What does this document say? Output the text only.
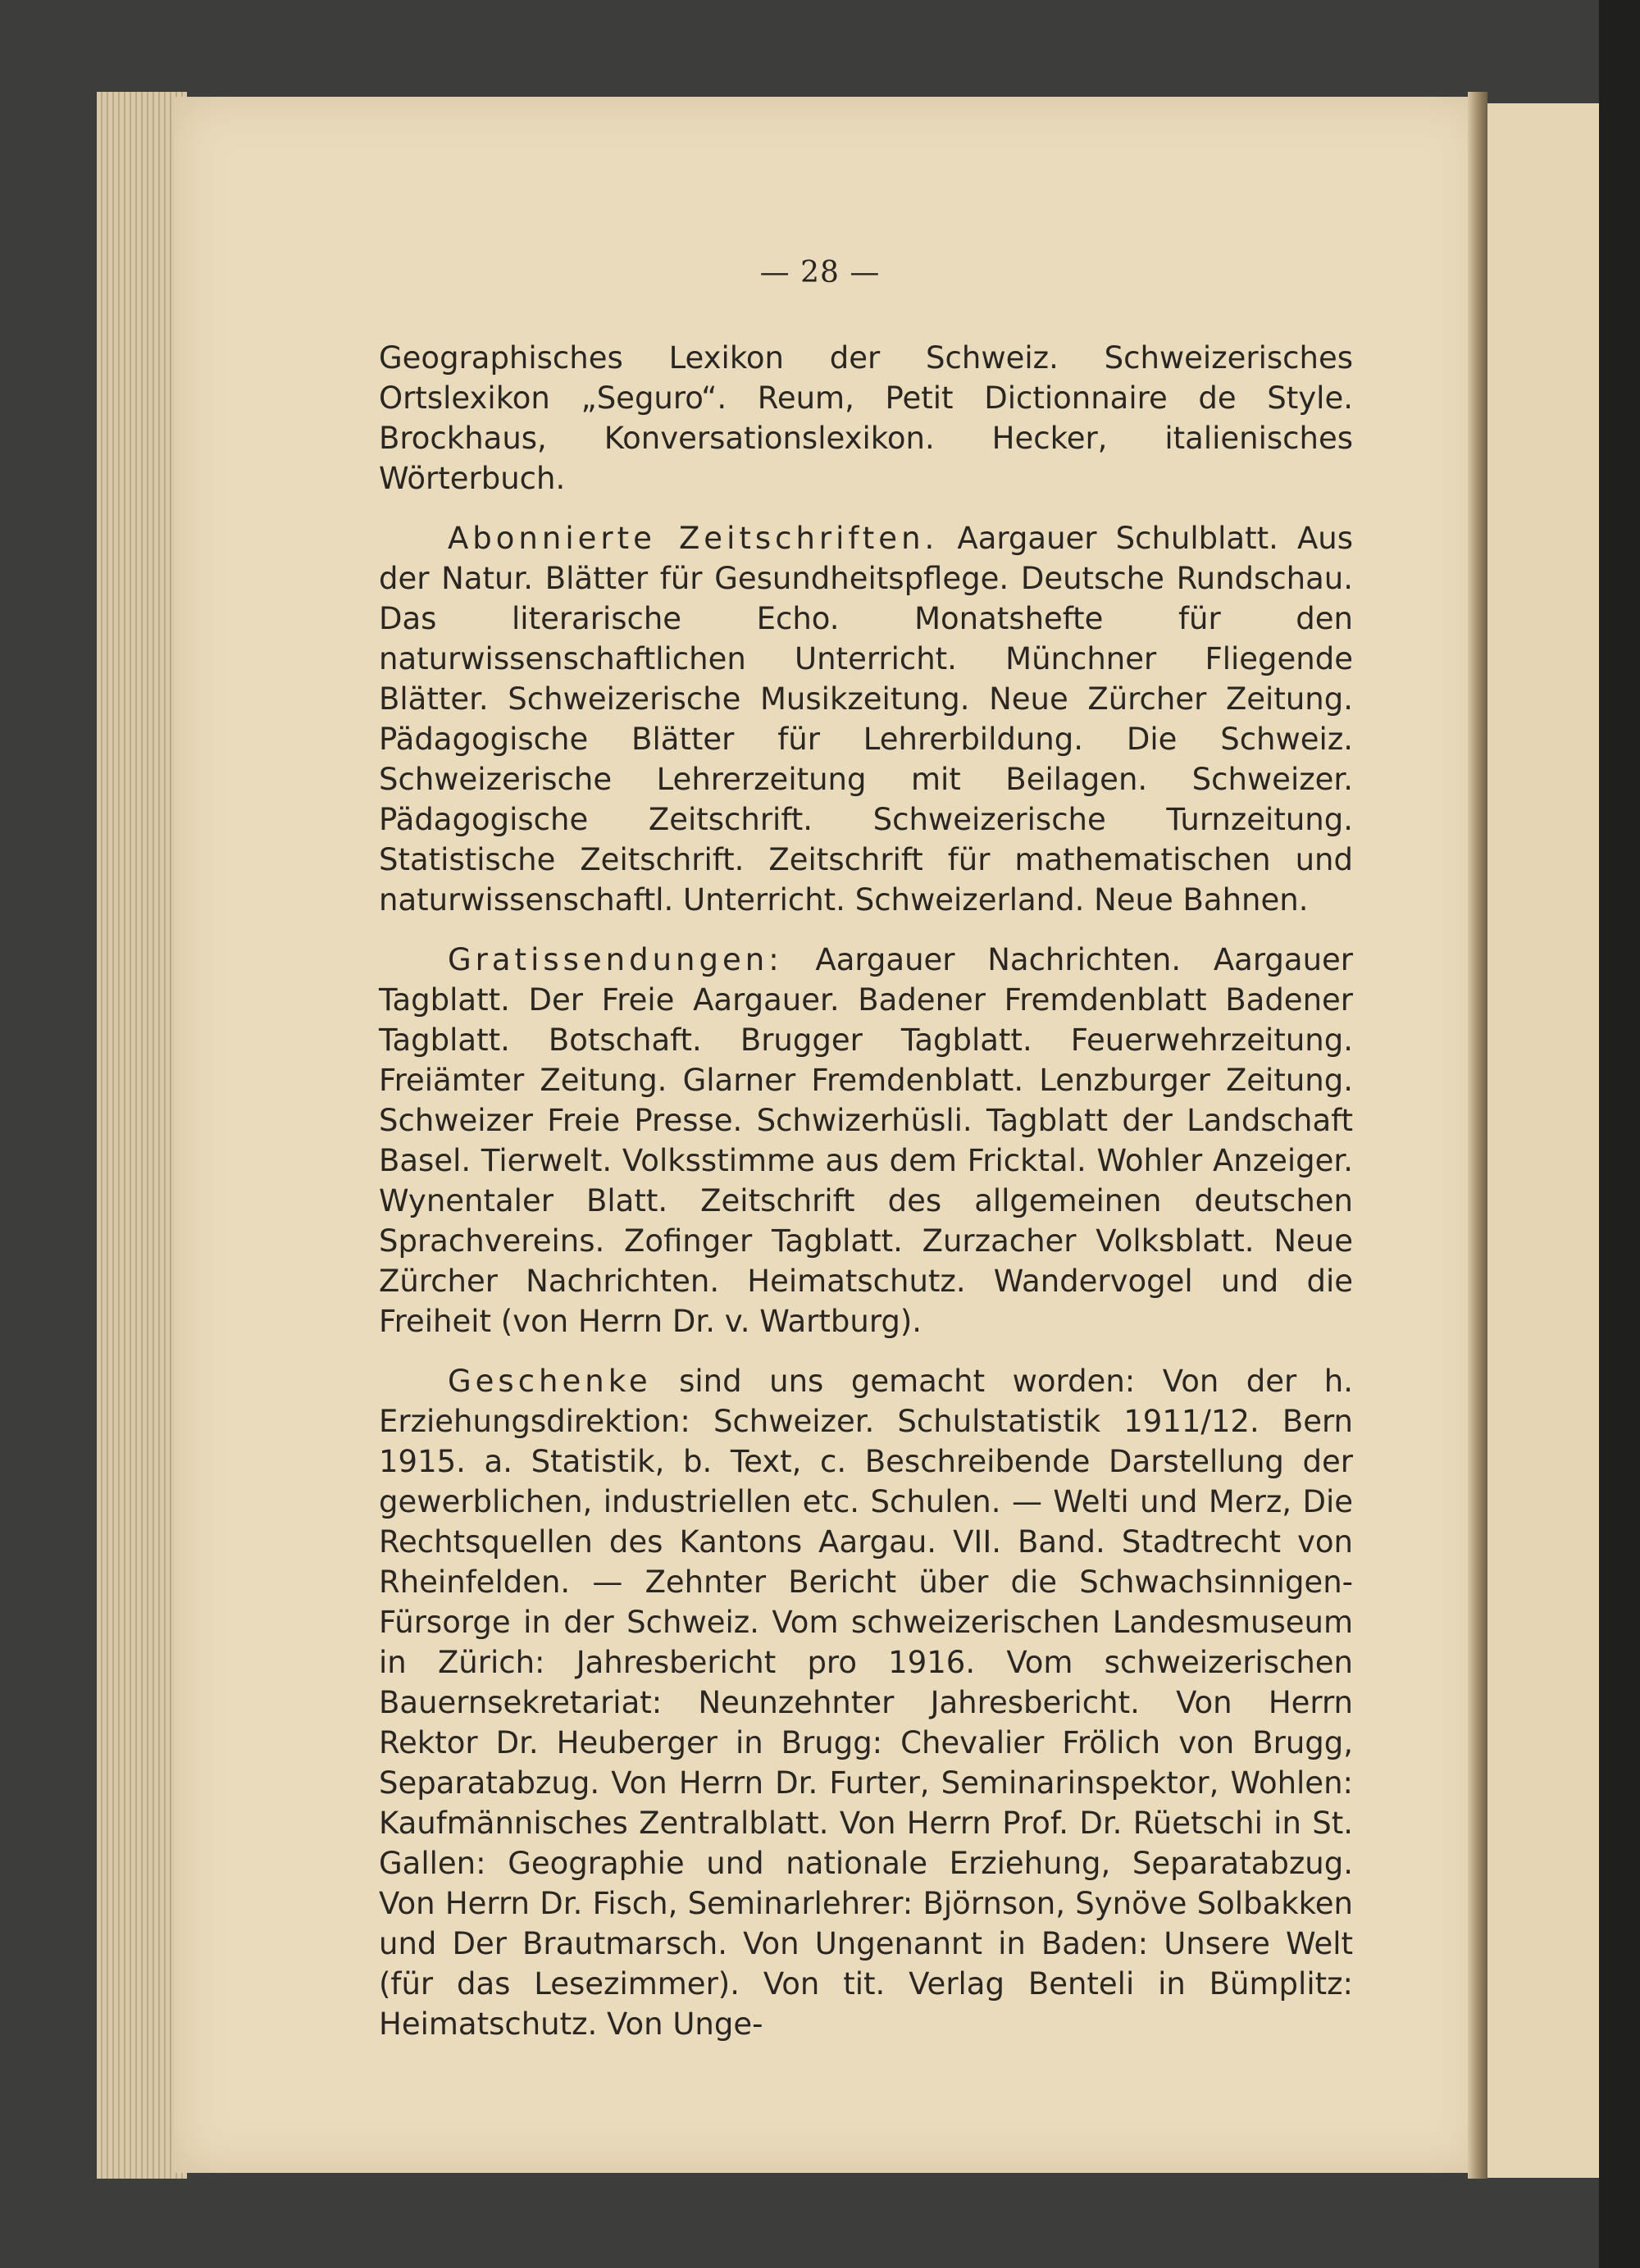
— 28 —

Geographisches Lexikon der Schweiz. Schweizerisches Ortslexikon „Seguro“. Reum, Petit Dictionnaire de Style. Brockhaus, Konversationslexikon. Hecker, italienisches Wörterbuch.

Abonnierte Zeitschriften. Aargauer Schulblatt. Aus der Natur. Blätter für Gesundheitspflege. Deutsche Rundschau. Das literarische Echo. Monatshefte für den naturwissenschaftlichen Unterricht. Münchner Fliegende Blätter. Schweizerische Musikzeitung. Neue Zürcher Zeitung. Pädagogische Blätter für Lehrerbildung. Die Schweiz. Schweizerische Lehrerzeitung mit Beilagen. Schweizer. Pädagogische Zeitschrift. Schweizerische Turnzeitung. Statistische Zeitschrift. Zeitschrift für mathematischen und naturwissenschaftl. Unterricht. Schweizerland. Neue Bahnen.

Gratissendungen: Aargauer Nachrichten. Aargauer Tagblatt. Der Freie Aargauer. Badener Fremdenblatt Badener Tagblatt. Botschaft. Brugger Tagblatt. Feuerwehrzeitung. Freiämter Zeitung. Glarner Fremdenblatt. Lenzburger Zeitung. Schweizer Freie Presse. Schwizerhüsli. Tagblatt der Landschaft Basel. Tierwelt. Volksstimme aus dem Fricktal. Wohler Anzeiger. Wynentaler Blatt. Zeitschrift des allgemeinen deutschen Sprachvereins. Zofinger Tagblatt. Zurzacher Volksblatt. Neue Zürcher Nachrichten. Heimatschutz. Wandervogel und die Freiheit (von Herrn Dr. v. Wartburg).

Geschenke sind uns gemacht worden: Von der h. Erziehungsdirektion: Schweizer. Schulstatistik 1911/12. Bern 1915. a. Statistik, b. Text, c. Beschreibende Darstellung der gewerblichen, industriellen etc. Schulen. — Welti und Merz, Die Rechtsquellen des Kantons Aargau. VII. Band. Stadtrecht von Rheinfelden. — Zehnter Bericht über die Schwachsinnigen-Fürsorge in der Schweiz. Vom schweizerischen Landesmuseum in Zürich: Jahresbericht pro 1916. Vom schweizerischen Bauernsekretariat: Neunzehnter Jahresbericht. Von Herrn Rektor Dr. Heuberger in Brugg: Chevalier Frölich von Brugg, Separatabzug. Von Herrn Dr. Furter, Seminarinspektor, Wohlen: Kaufmännisches Zentralblatt. Von Herrn Prof. Dr. Rüetschi in St. Gallen: Geographie und nationale Erziehung, Separatabzug. Von Herrn Dr. Fisch, Seminarlehrer: Björnson, Synöve Solbakken und Der Brautmarsch. Von Ungenannt in Baden: Unsere Welt (für das Lesezimmer). Von tit. Verlag Benteli in Bümplitz: Heimatschutz. Von Unge-
